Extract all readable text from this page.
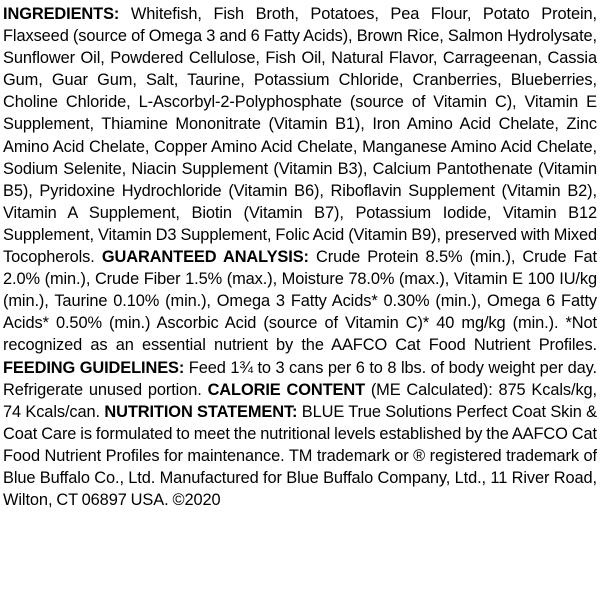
INGREDIENTS: Whitefish, Fish Broth, Potatoes, Pea Flour, Potato Protein, Flaxseed (source of Omega 3 and 6 Fatty Acids), Brown Rice, Salmon Hydrolysate, Sunflower Oil, Powdered Cellulose, Fish Oil, Natural Flavor, Carrageenan, Cassia Gum, Guar Gum, Salt, Taurine, Potassium Chloride, Cranberries, Blueberries, Choline Chloride, L-Ascorbyl-2-Polyphosphate (source of Vitamin C), Vitamin E Supplement, Thiamine Mononitrate (Vitamin B1), Iron Amino Acid Chelate, Zinc Amino Acid Chelate, Copper Amino Acid Chelate, Manganese Amino Acid Chelate, Sodium Selenite, Niacin Supplement (Vitamin B3), Calcium Pantothenate (Vitamin B5), Pyridoxine Hydrochloride (Vitamin B6), Riboflavin Supplement (Vitamin B2), Vitamin A Supplement, Biotin (Vitamin B7), Potassium Iodide, Vitamin B12 Supplement, Vitamin D3 Supplement, Folic Acid (Vitamin B9), preserved with Mixed Tocopherols. GUARANTEED ANALYSIS: Crude Protein 8.5% (min.), Crude Fat 2.0% (min.), Crude Fiber 1.5% (max.), Moisture 78.0% (max.), Vitamin E 100 IU/kg (min.), Taurine 0.10% (min.), Omega 3 Fatty Acids* 0.30% (min.), Omega 6 Fatty Acids* 0.50% (min.) Ascorbic Acid (source of Vitamin C)* 40 mg/kg (min.). *Not recognized as an essential nutrient by the AAFCO Cat Food Nutrient Profiles. FEEDING GUIDELINES: Feed 1¾ to 3 cans per 6 to 8 lbs. of body weight per day. Refrigerate unused portion. CALORIE CONTENT (ME Calculated): 875 Kcals/kg, 74 Kcals/can. NUTRITION STATEMENT: BLUE True Solutions Perfect Coat Skin & Coat Care is formulated to meet the nutritional levels established by the AAFCO Cat Food Nutrient Profiles for maintenance. TM trademark or ® registered trademark of Blue Buffalo Co., Ltd. Manufactured for Blue Buffalo Company, Ltd., 11 River Road, Wilton, CT 06897 USA. ©2020
